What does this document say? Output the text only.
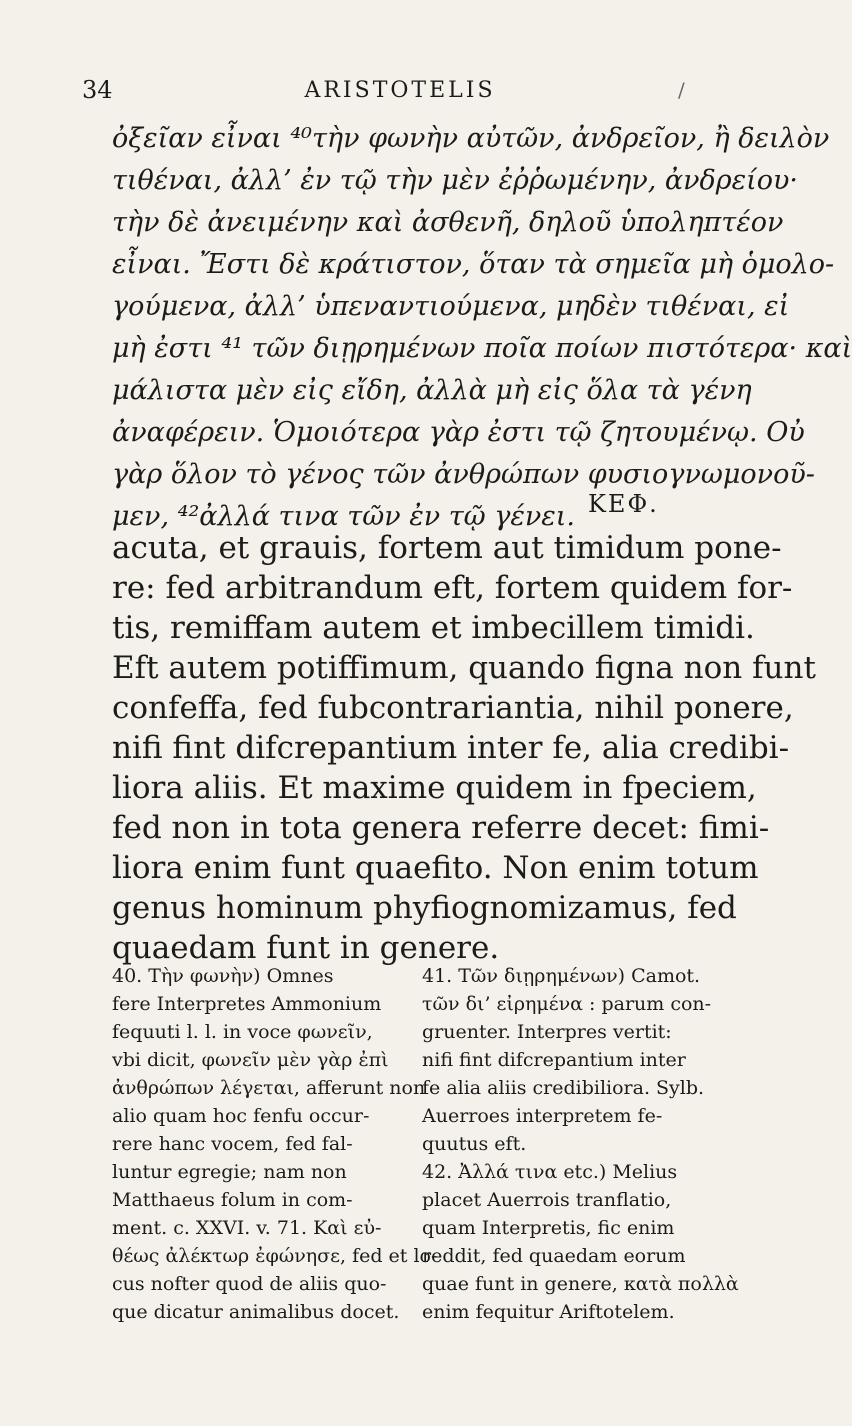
34	ARISTOTELIS	/
ὀξεῖαν εἶναι ⁴⁰τὴν φωνὴν αὐτῶν, ἀνδρεῖον, ἢ δειλὸν
τιθέναι, ἀλλ’ ἐν τῷ τὴν μὲν ἐῤῥωμένην, ἀνδρείου·
τὴν δὲ ἀνειμένην καὶ ἀσθενῆ, δηλοῦ ὑποληπτέον
εἶναι. Ἔστι δὲ κράτιστον, ὅταν τὰ σημεῖα μὴ ὁμολο-
γούμενα, ἀλλ’ ὑπεναντιούμενα, μηδὲν τιθέναι, εἰ
μὴ ἐστι ⁴¹ τῶν διῃρημένων ποῖα ποίων πιστότερα· καὶ
μάλιστα μὲν εἰς εἴδη, ἀλλὰ μὴ εἰς ὅλα τὰ γένη
ἀναφέρειν. Ὁμοιότερα γὰρ ἐστι τῷ ζητουμένῳ. Οὐ
γὰρ ὅλον τὸ γένος τῶν ἀνθρώπων φυσιογνωμονοῦ-
μεν, ⁴²ἀλλά τινα τῶν ἐν τῷ γένει. ΚΕΦ.
acuta, et grauis, fortem aut timidum pone-
re: fed arbitrandum eft, fortem quidem for-
tis, remiffam autem et imbecillem timidi.
Eft autem potiffimum, quando figna non funt
confeffa, fed fubcontrariantia, nihil ponere,
nifi fint difcrepantium inter fe, alia credibi-
liora aliis. Et maxime quidem in fpeciem,
fed non in tota genera referre decet: fimi-
liora enim funt quaefito. Non enim totum
genus hominum phyfiognomizamus, fed
quaedam funt in genere.
40. Τὴν φωνὴν) Omnes
fere Interpretes Ammonium
fequuti l. l. in voce φωνεῖν,
vbi dicit, φωνεῖν μὲν γὰρ ἐπὶ
ἀνθρώπων λέγεται, afferunt non
alio quam hoc fenfu occur-
rere hanc vocem, fed fal-
luntur egregie; nam non
Matthaeus folum in com-
ment. c. XXVI. v. 71. Καὶ εὐ-
θέως ἀλέκτωρ ἐφώνησε, fed et lo-
cus nofter quod de aliis quo-
que dicatur animalibus docet.
41. Τῶν διῃρημένων) Camot.
τῶν δι’ εἰρημένα : parum con-
gruenter. Interpres vertit:
nifi fint difcrepantium inter
fe alia aliis credibiliora. Sylb.
Auerroes interpretem fe-
quutus eft.
42. Ἀλλά τινα etc.) Melius
placet Auerrois tranflatio,
quam Interpretis, fic enim
reddit, fed quaedam eorum
quae funt in genere, κατὰ πολλὰ
enim fequitur Ariftotelem.
